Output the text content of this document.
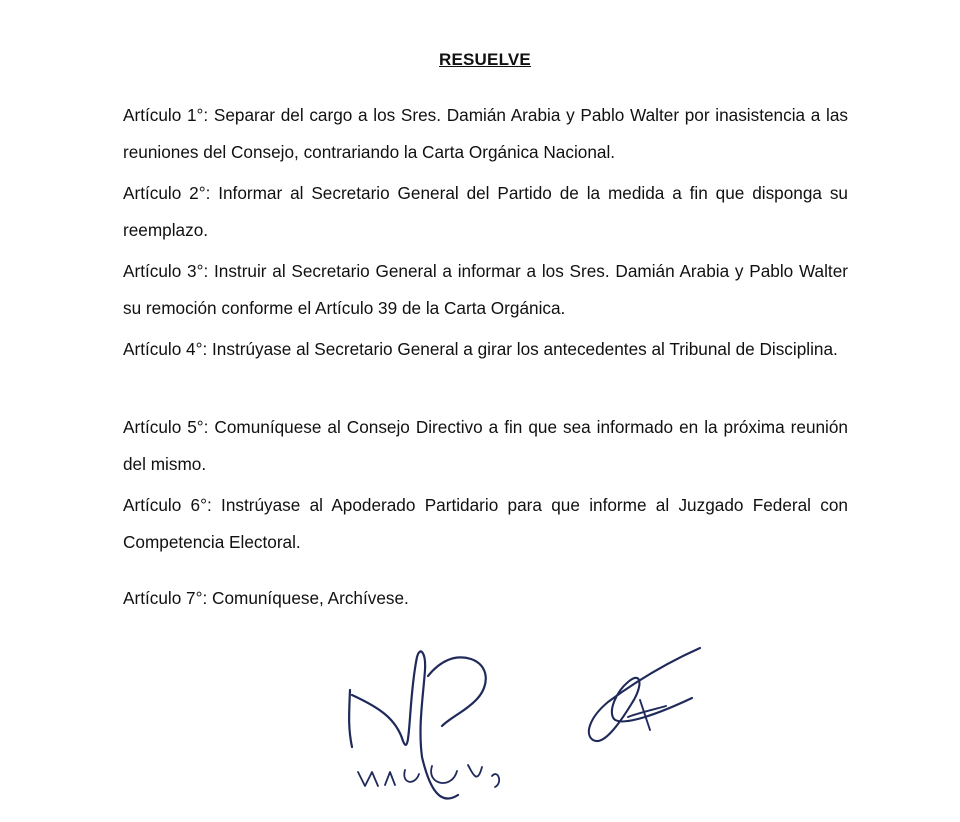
RESUELVE

Artículo 1°: Separar del cargo a los Sres. Damián Arabia y Pablo Walter por inasistencia a las reuniones del Consejo, contrariando la Carta Orgánica Nacional.

Artículo 2°: Informar al Secretario General del Partido de la medida a fin que disponga su reemplazo.

Artículo 3°: Instruir al Secretario General a informar a los Sres. Damián Arabia y Pablo Walter su remoción conforme el Artículo 39 de la Carta Orgánica.

Artículo 4°: Instrúyase al Secretario General a girar los antecedentes al Tribunal de Disciplina.

Artículo 5°: Comuníquese al Consejo Directivo a fin que sea informado en la próxima reunión del mismo.

Artículo 6°: Instrúyase al Apoderado Partidario para que informe al Juzgado Federal con Competencia Electoral.

Artículo 7°: Comuníquese, Archívese.
